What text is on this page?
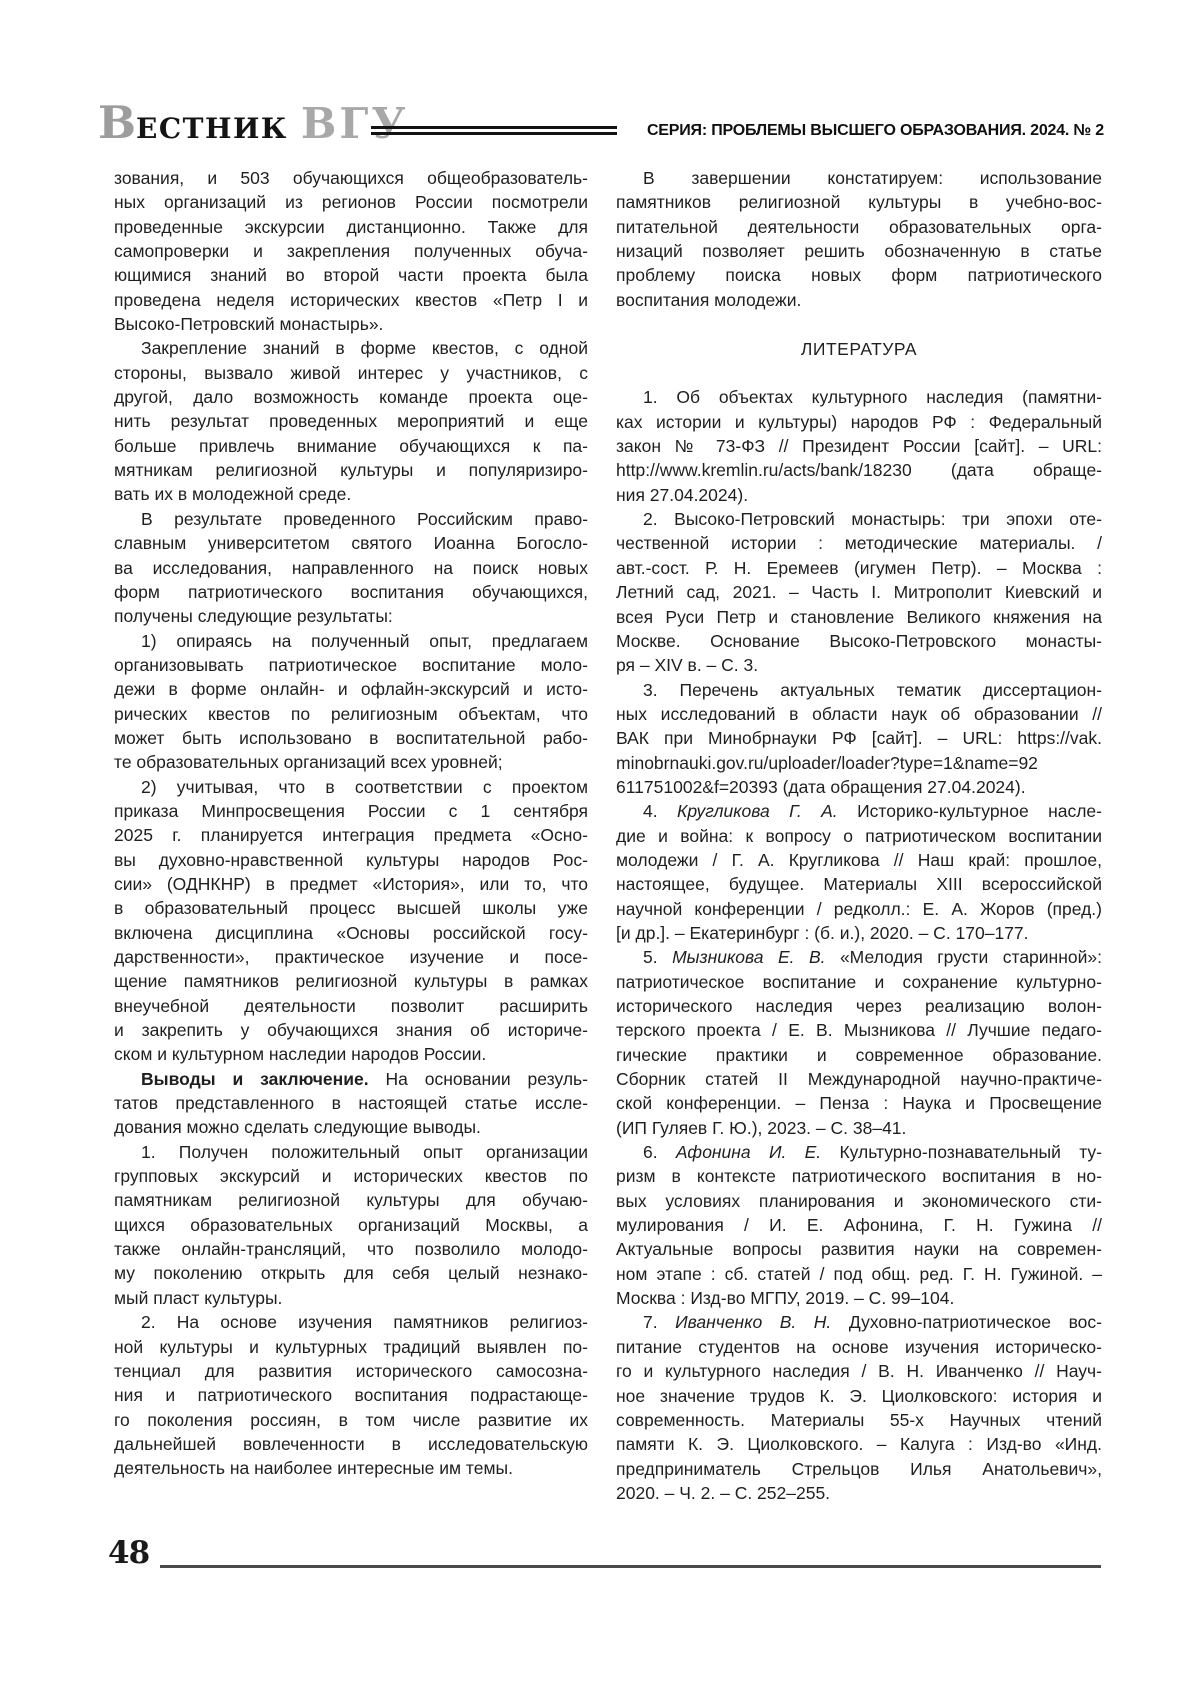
В ЕСТНИК ВГУ	СЕРИЯ: ПРОБЛЕМЫ ВЫСШЕГО ОБРАЗОВАНИЯ. 2024. № 2
зования, и 503 обучающихся общеобразователь-
ных организаций из регионов России посмотрели
проведенные экскурсии дистанционно. Также для
самопроверки и закрепления полученных обуча-
ющимися знаний во второй части проекта была
проведена неделя исторических квестов «Петр I и
Высоко-Петровский монастырь».
Закрепление знаний в форме квестов, с одной
стороны, вызвало живой интерес у участников, с
другой, дало возможность команде проекта оце-
нить результат проведенных мероприятий и еще
больше привлечь внимание обучающихся к па-
мятникам религиозной культуры и популяризиро-
вать их в молодежной среде.
В результате проведенного Российским право-
славным университетом святого Иоанна Богосло-
ва исследования, направленного на поиск новых
форм патриотического воспитания обучающихся,
получены следующие результаты:
1) опираясь на полученный опыт, предлагаем
организовывать патриотическое воспитание моло-
дежи в форме онлайн- и офлайн-экскурсий и исто-
рических квестов по религиозным объектам, что
может быть использовано в воспитательной рабо-
те образовательных организаций всех уровней;
2) учитывая, что в соответствии с проектом
приказа Минпросвещения России с 1 сентября
2025 г. планируется интеграция предмета «Осно-
вы духовно-нравственной культуры народов Рос-
сии» (ОДНКНР) в предмет «История», или то, что
в образовательный процесс высшей школы уже
включена дисциплина «Основы российской госу-
дарственности», практическое изучение и посе-
щение памятников религиозной культуры в рамках
внеучебной деятельности позволит расширить
и закрепить у обучающихся знания об историче-
ском и культурном наследии народов России.
Выводы и заключение. На основании резуль-
татов представленного в настоящей статье иссле-
дования можно сделать следующие выводы.
1. Получен положительный опыт организации
групповых экскурсий и исторических квестов по
памятникам религиозной культуры для обучаю-
щихся образовательных организаций Москвы, а
также онлайн-трансляций, что позволило молодо-
му поколению открыть для себя целый незнако-
мый пласт культуры.
2. На основе изучения памятников религиоз-
ной культуры и культурных традиций выявлен по-
тенциал для развития исторического самосозна-
ния и патриотического воспитания подрастающе-
го поколения россиян, в том числе развитие их
дальнейшей вовлеченности в исследовательскую
деятельность на наиболее интересные им темы.
В завершении констатируем: использование
памятников религиозной культуры в учебно-вос-
питательной деятельности образовательных орга-
низаций позволяет решить обозначенную в статье
проблему поиска новых форм патриотического
воспитания молодежи.
ЛИТЕРАТУРА
1. Об объектах культурного наследия (памятни-
ках истории и культуры) народов РФ : Федеральный
закон № 73-ФЗ // Президент России [сайт]. – URL:
http://www.kremlin.ru/acts/bank/18230 (дата обраще-
ния 27.04.2024).
2. Высоко-Петровский монастырь: три эпохи оте-
чественной истории : методические материалы. /
авт.-сост. Р. Н. Еремеев (игумен Петр). – Москва :
Летний сад, 2021. – Часть I. Митрополит Киевский и
всея Руси Петр и становление Великого княжения на
Москве. Основание Высоко-Петровского монасты-
ря – XIV в. – С. 3.
3. Перечень актуальных тематик диссертацион-
ных исследований в области наук об образовании //
ВАК при Минобрнауки РФ [сайт]. – URL: https://vak.
minobrnauki.gov.ru/uploader/loader?type=1&name=92
611751002&f=20393 (дата обращения 27.04.2024).
4. Кругликова Г. А. Историко-культурное насле-
дие и война: к вопросу о патриотическом воспитании
молодежи / Г. А. Кругликова // Наш край: прошлое,
настоящее, будущее. Материалы XIII всероссийской
научной конференции / редколл.: Е. А. Жоров (пред.)
[и др.]. – Екатеринбург : (б. и.), 2020. – С. 170–177.
5. Мызникова Е. В. «Мелодия грусти старинной»:
патриотическое воспитание и сохранение культурно-
исторического наследия через реализацию волон-
терского проекта / Е. В. Мызникова // Лучшие педаго-
гические практики и современное образование.
Сборник статей II Международной научно-практиче-
ской конференции. – Пенза : Наука и Просвещение
(ИП Гуляев Г. Ю.), 2023. – С. 38–41.
6. Афонина И. Е. Культурно-познавательный ту-
ризм в контексте патриотического воспитания в но-
вых условиях планирования и экономического сти-
мулирования / И. Е. Афонина, Г. Н. Гужина //
Актуальные вопросы развития науки на современ-
ном этапе : сб. статей / под общ. ред. Г. Н. Гужиной. –
Москва : Изд-во МГПУ, 2019. – С. 99–104.
7. Иванченко В. Н. Духовно-патриотическое вос-
питание студентов на основе изучения историческо-
го и культурного наследия / В. Н. Иванченко // Науч-
ное значение трудов К. Э. Циолковского: история и
современность. Материалы 55-х Научных чтений
памяти К. Э. Циолковского. – Калуга : Изд-во «Инд.
предприниматель Стрельцов Илья Анатольевич»,
2020. – Ч. 2. – С. 252–255.
48
